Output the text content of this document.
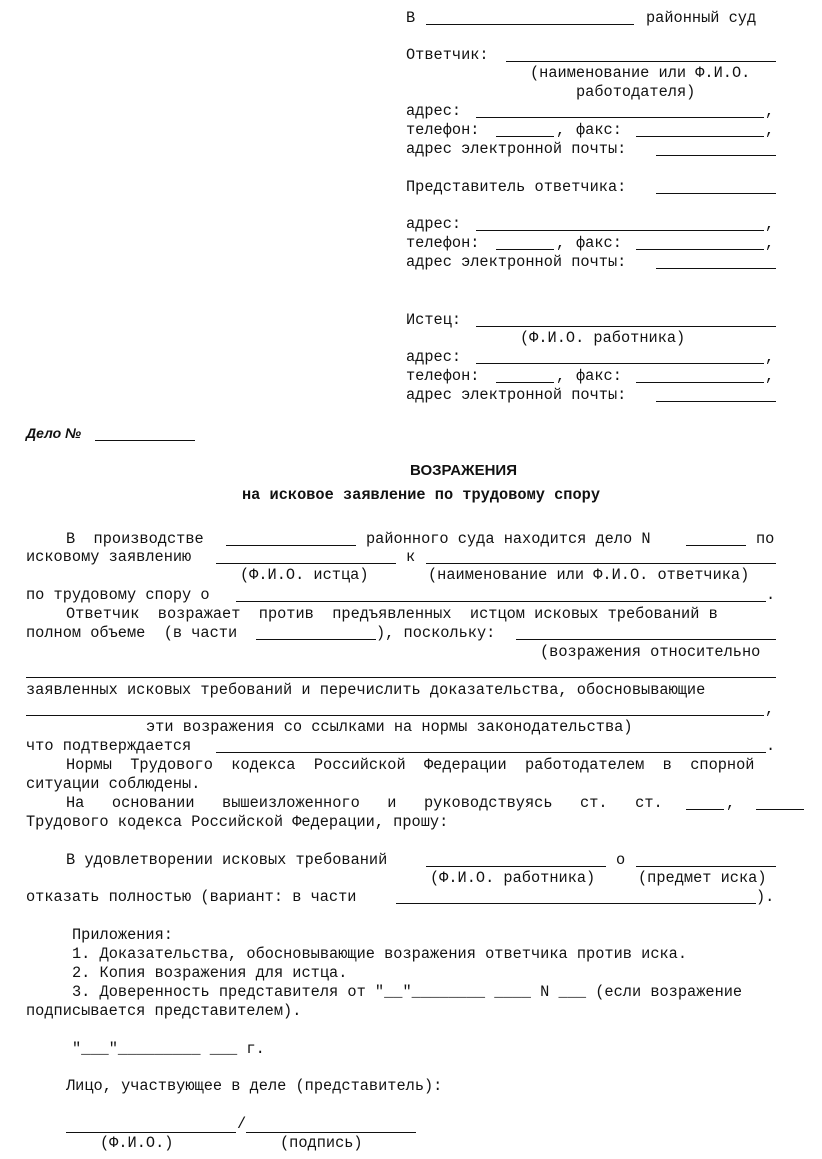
В	районный суд
Ответчик:
(наименование или Ф.И.О.
работодателя)
адрес:	,
телефон:	, факс:	,
адрес электронной почты:
Представитель ответчика:
адрес:	,
телефон:	, факс:	,
адрес электронной почты:
Истец:
(Ф.И.О. работника)
адрес:	,
телефон:	, факс:	,
адрес электронной почты:
Дело №
ВОЗРАЖЕНИЯ
на исковое заявление по трудовому спору
В  производстве	районного суда находится дело N	по
исковому заявлению	к
(Ф.И.О. истца)	(наименование или Ф.И.О. ответчика)
по трудовому спору о	.
Ответчик  возражает  против  предъявленных  истцом исковых требований в
полном объеме  (в части	), поскольку:
(возражения относительно
заявленных исковых требований и перечислить доказательства, обосновывающие
,
эти возражения со ссылками на нормы законодательства)
что подтверждается	.
Нормы  Трудового  кодекса  Российской  Федерации  работодателем  в  спорной
ситуации соблюдены.
На   основании   вышеизложенного   и   руководствуясь   ст.   ст.	,
Трудового кодекса Российской Федерации, прошу:
В удовлетворении исковых требований	о
(Ф.И.О. работника)	(предмет иска)
отказать полностью (вариант: в части	).
Приложения:
1. Доказательства, обосновывающие возражения ответчика против иска.
2. Копия возражения для истца.
3. Доверенность представителя от "__"________ ____ N ___ (если возражение
подписывается представителем).
"___"_________ ___ г.
Лицо, участвующее в деле (представитель):
/
(Ф.И.О.)	(подпись)
